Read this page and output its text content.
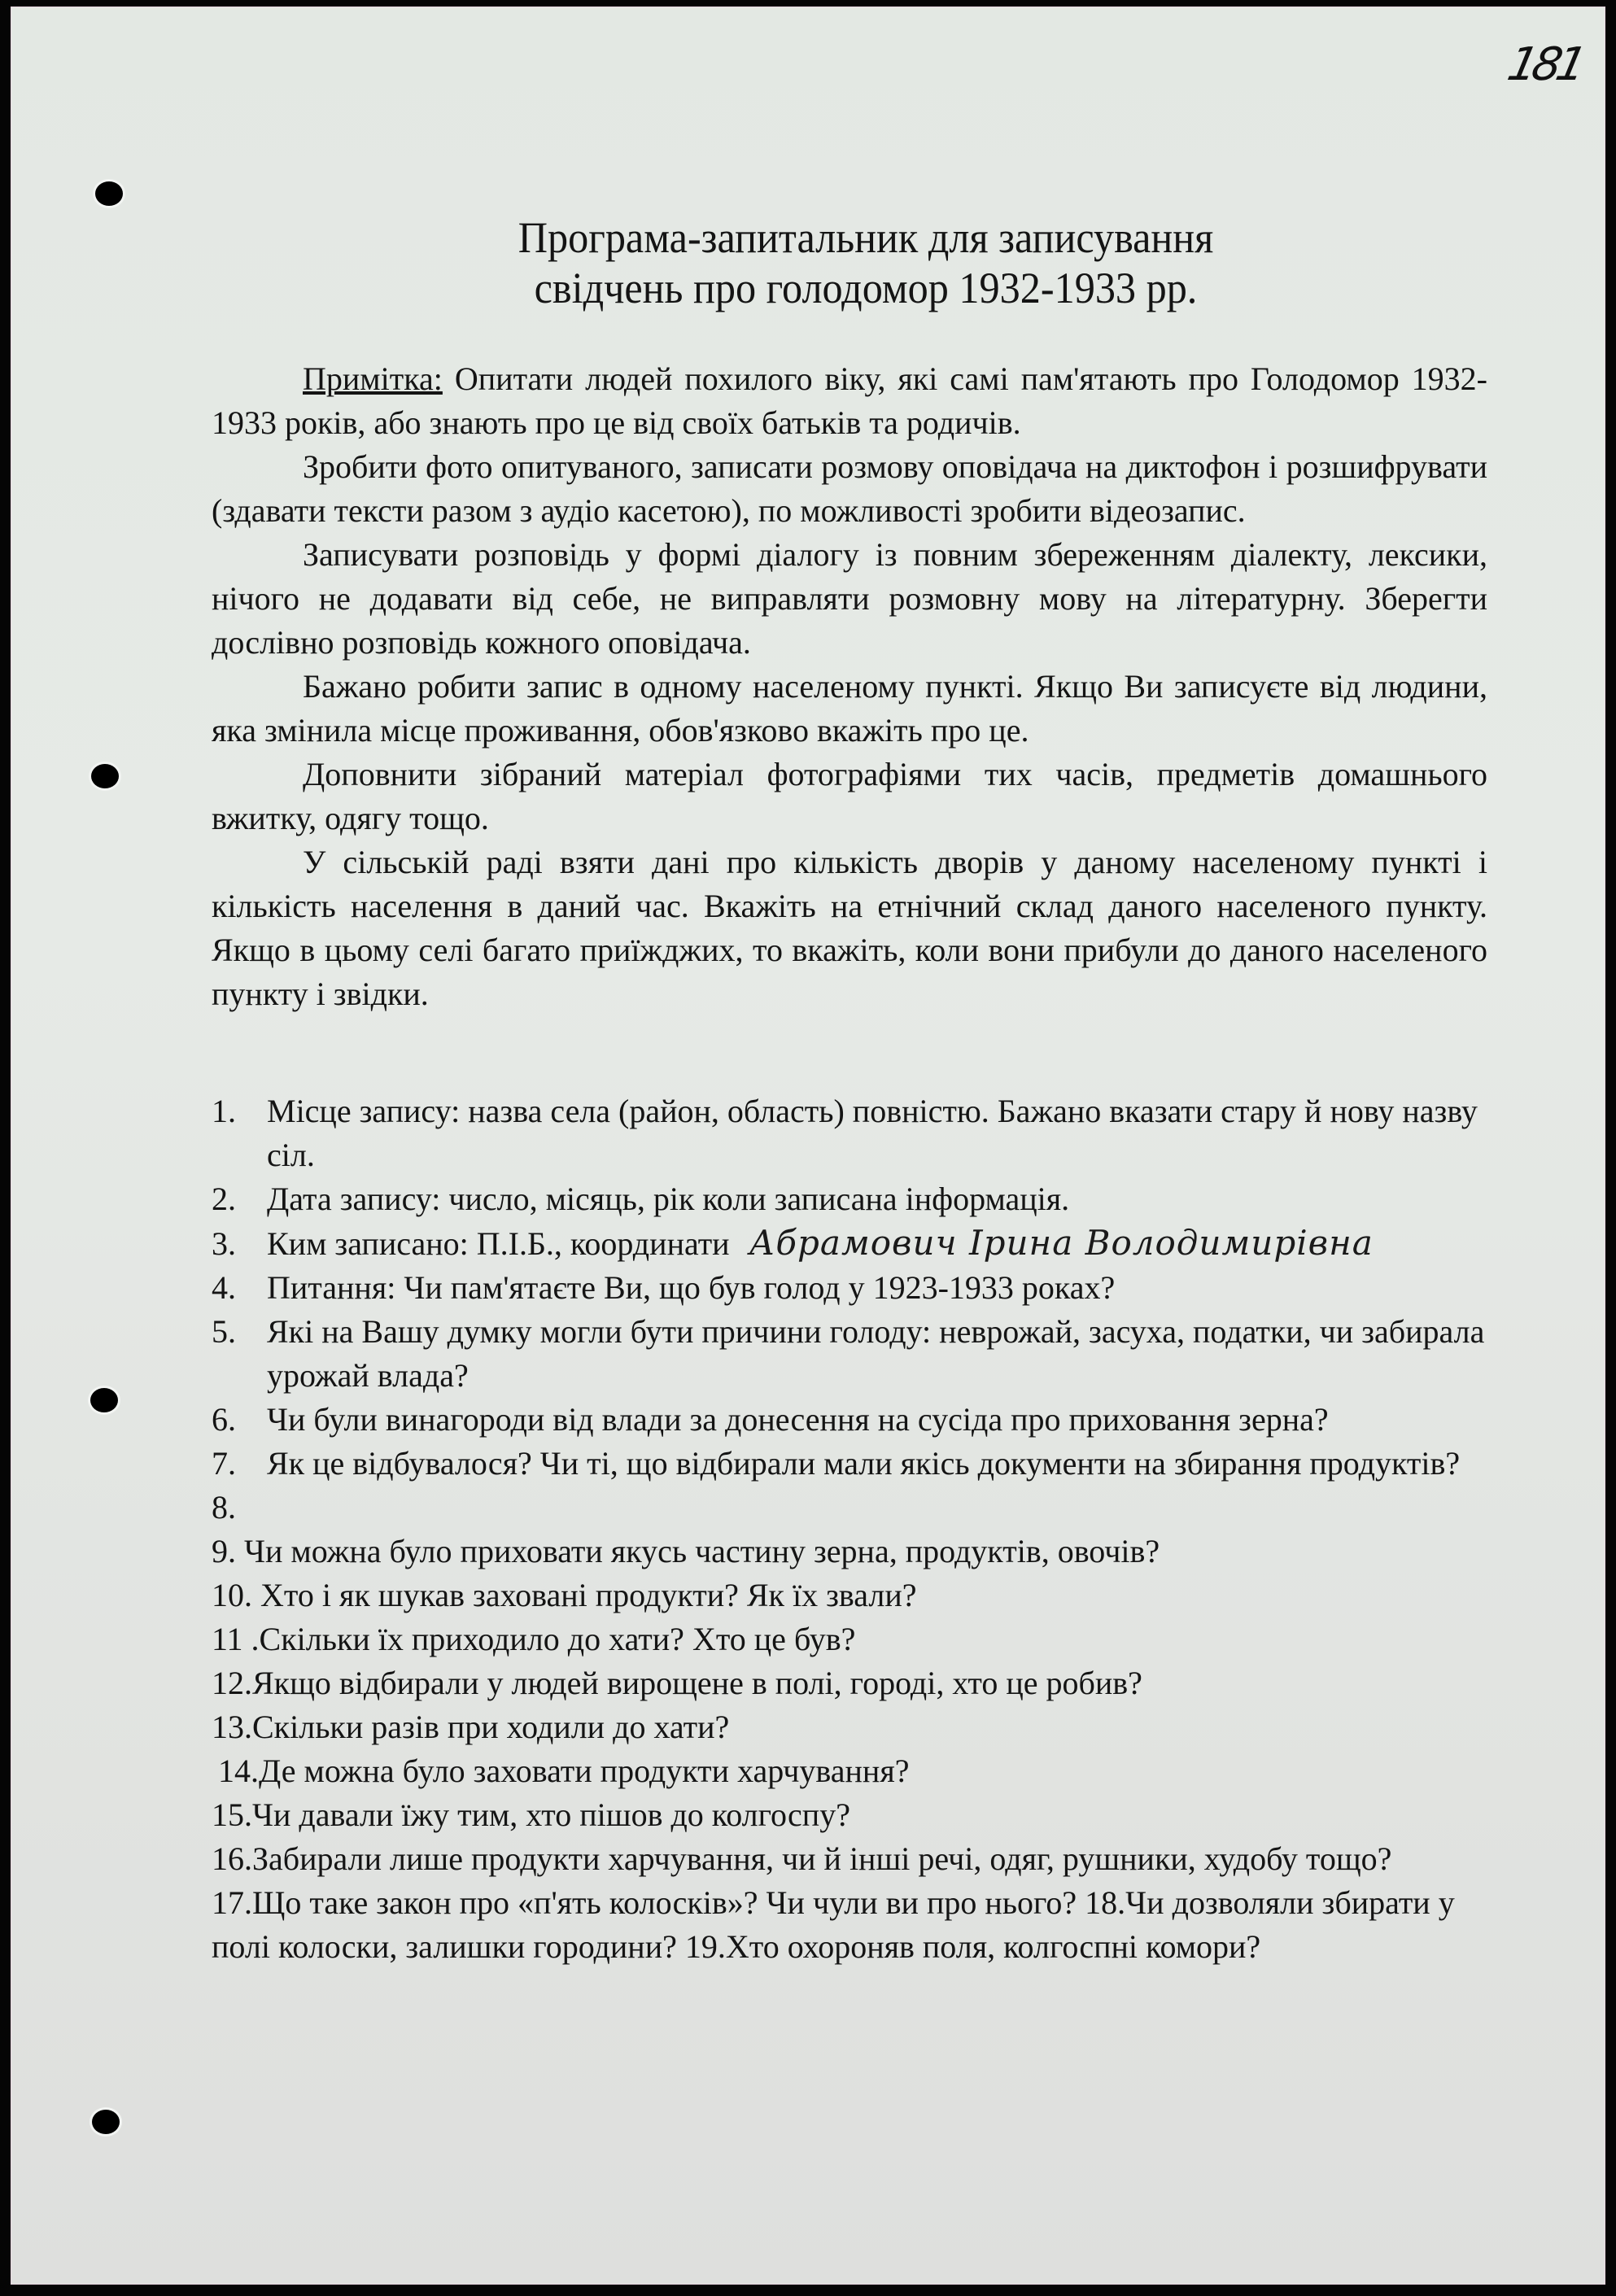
181
Програма-запитальник для записування
свідчень про голодомор 1932-1933 рр.

Примітка: Опитати людей похилого віку, які самі пам'ятають про Голодомор 1932-1933 років, або знають про це від своїх батьків та родичів.

Зробити фото опитуваного, записати розмову оповідача на диктофон і розшифрувати (здавати тексти разом з аудіо касетою), по можливості зробити відеозапис.

Записувати розповідь у формі діалогу із повним збереженням діалекту, лексики, нічого не додавати від себе, не виправляти розмовну мову на літературну. Зберегти дослівно розповідь кожного оповідача.

Бажано робити запис в одному населеному пункті. Якщо Ви записуєте від людини, яка змінила місце проживання, обов'язково вкажіть про це.

Доповнити зібраний матеріал фотографіями тих часів, предметів домашнього вжитку, одягу тощо.

У сільській раді взяти дані про кількість дворів у даному населеному пункті і кількість населення в даний час. Вкажіть на етнічний склад даного населеного пункту. Якщо в цьому селі багато приїжджих, то вкажіть, коли вони прибули до даного населеного пункту і звідки.

1. Місце запису: назва села (район, область) повністю. Бажано вказати стару й нову назву сіл.

2. Дата запису: число, місяць, рік коли записана інформація.

3. Ким записано: П.І.Б., координати Абрамович Ірина Володимирівна

4. Питання: Чи пам'ятаєте Ви, що був голод у 1923-1933 роках?

5. Які на Вашу думку могли бути причини голоду: неврожай, засуха, податки, чи забирала урожай влада?

6. Чи були винагороди від влади за донесення на сусіда про приховання зерна?

7. Як це відбувалося? Чи ті, що відбирали мали якісь документи на збирання продуктів?

8.

9. Чи можна було приховати якусь частину зерна, продуктів, овочів?

10. Хто і як шукав заховані продукти? Як їх звали?

11 .Скільки їх приходило до хати? Хто це був?

12.Якщо відбирали у людей вирощене в полі, городі, хто це робив?

13.Скільки разів при ходили до хати?

14.Де можна було заховати продукти харчування?

15.Чи давали їжу тим, хто пішов до колгоспу?

16.Забирали лише продукти харчування, чи й інші речі, одяг, рушники, худобу тощо?

17.Що таке закон про «п'ять колосків»? Чи чули ви про нього? 18.Чи дозволяли збирати у полі колоски, залишки городини? 19.Хто охороняв поля, колгоспні комори?
